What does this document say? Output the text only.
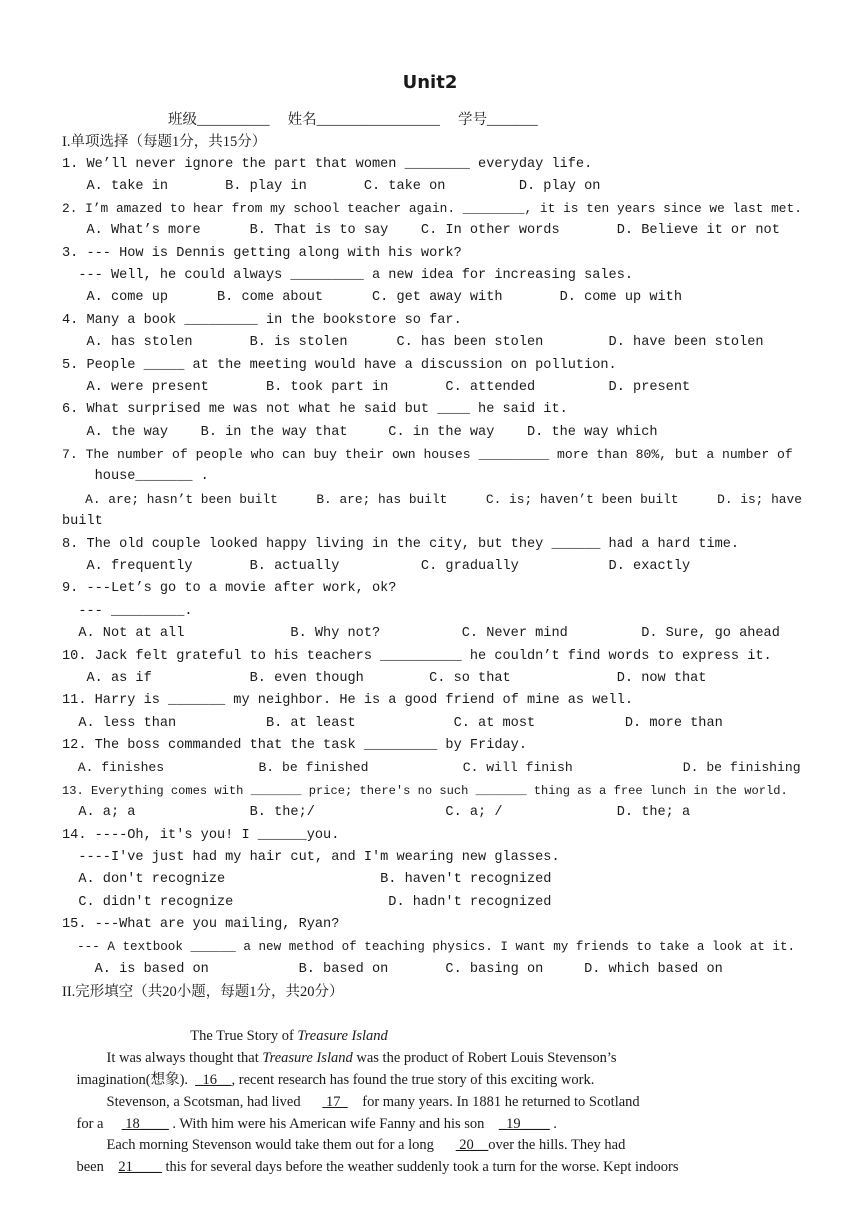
Unit2
班级__________     姓名_________________     学号_______
I.单项选择（每题1分，共15分）
1. We’ll never ignore the part that women ________ everyday life.
A. take in       B. play in       C. take on         D. play on
2. I’m amazed to hear from my school teacher again. ________, it is ten years since we last met.
A. What’s more      B. That is to say    C. In other words       D. Believe it or not
3. --- How is Dennis getting along with his work?
--- Well, he could always _________ a new idea for increasing sales.
A. come up      B. come about      C. get away with       D. come up with
4. Many a book _________ in the bookstore so far.
A. has stolen       B. is stolen      C. has been stolen        D. have been stolen
5. People _____ at the meeting would have a discussion on pollution.
A. were present       B. took part in       C. attended         D. present
6. What surprised me was not what he said but ____ he said it.
A. the way    B. in the way that     C. in the way    D. the way which
7. The number of people who can buy their own houses _________ more than 80%, but a number of
house_______ .
A. are; hasn’t been built     B. are; has built     C. is; haven’t been built     D. is; have
built
8. The old couple looked happy living in the city, but they ______ had a hard time.
A. frequently       B. actually          C. gradually           D. exactly
9. ---Let’s go to a movie after work, ok?
--- _________.
A. Not at all             B. Why not?          C. Never mind         D. Sure, go ahead
10. Jack felt grateful to his teachers __________ he couldn’t find words to express it.
A. as if            B. even though        C. so that             D. now that
11. Harry is _______ my neighbor. He is a good friend of mine as well.
A. less than           B. at least            C. at most           D. more than
12. The boss commanded that the task _________ by Friday.
A. finishes            B. be finished            C. will finish              D. be finishing
13. Everything comes with _______ price; there's no such _______ thing as a free lunch in the world.
A. a; a              B. the;/                C. a; /              D. the; a
14. ----Oh, it's you! I ______you.
----I've just had my hair cut, and I'm wearing new glasses.
A. don't recognize                   B. haven't recognized
C. didn't recognize                   D. hadn't recognized
15. ---What are you mailing, Ryan?
--- A textbook ______ a new method of teaching physics. I want my friends to take a look at it.
A. is based on           B. based on       C. basing on     D. which based on
II.完形填空（共20小题，每题1分，共20分）

The True Story of Treasure Island

It was always thought that Treasure Island was the product of Robert Louis Stevenson’s

imagination(想象).  _16__, recent research has found the true story of this exciting work.

Stevenson, a Scotsman, had lived       17      for many years. In 1881 he returned to Scotland

for a      18____ . With him were his American wife Fanny and his son    _19____ .

Each morning Stevenson would take them out for a long       20__over the hills. They had

been    21____ this for several days before the weather suddenly took a turn for the worse. Kept indoors
